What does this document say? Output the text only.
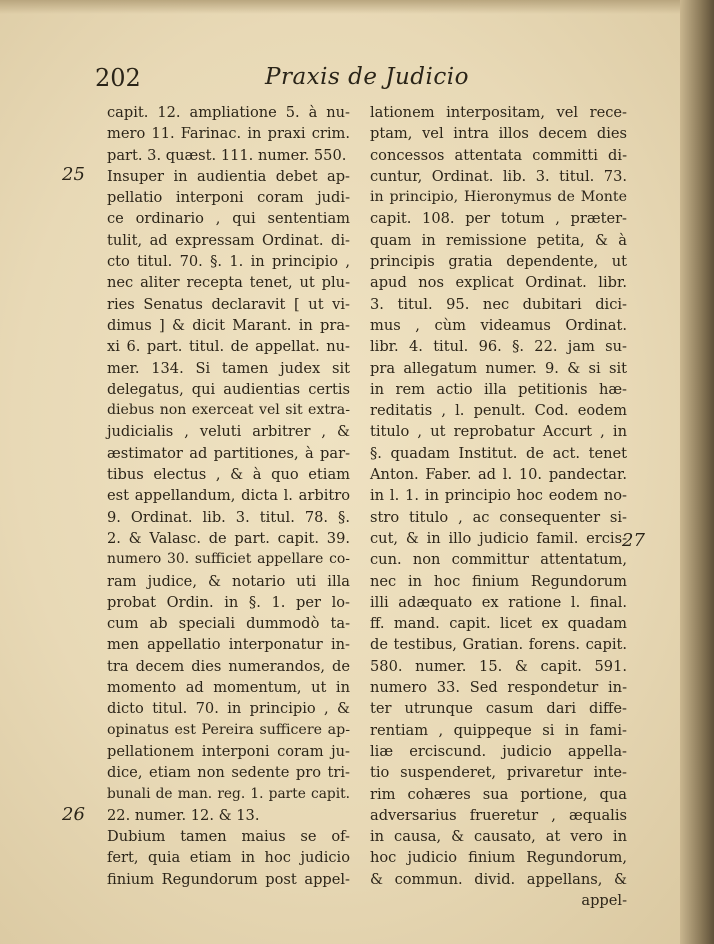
202	Praxis de Judicio
25
26
27
capit. 12. ampliatione 5. à nu-
mero 11. Farinac. in praxi crim.
part. 3. quæst. 111. numer. 550.
Insuper in audientia debet ap-
pellatio interponi coram judi-
ce ordinario , qui sententiam
tulit, ad expressam Ordinat. di-
cto titul. 70. §. 1. in principio ,
nec aliter recepta tenet, ut plu-
ries Senatus declaravit [ ut vi-
dimus ] & dicit Marant. in pra-
xi 6. part. titul. de appellat. nu-
mer. 134. Si tamen judex sit
delegatus, qui audientias certis
diebus non exerceat vel sit extra-
judicialis , veluti arbitrer , &
æstimator ad partitiones, à par-
tibus electus , & à quo etiam
est appellandum, dicta l. arbitro
9. Ordinat. lib. 3. titul. 78. §.
2. & Valasc. de part. capit. 39.
numero 30. sufficiet appellare co-
ram judice, & notario uti illa
probat Ordin. in §. 1. per lo-
cum ab speciali dummodò ta-
men appellatio interponatur in-
tra decem dies numerandos, de
momento ad momentum, ut in
dicto titul. 70. in principio , &
opinatus est Pereira sufficere ap-
pellationem interponi coram ju-
dice, etiam non sedente pro tri-
bunali de man. reg. 1. parte capit.
22. numer. 12. & 13.
Dubium tamen maius se of-
fert, quia etiam in hoc judicio
finium Regundorum post appel-
lationem interpositam, vel rece-
ptam, vel intra illos decem dies
concessos attentata committi di-
cuntur, Ordinat. lib. 3. titul. 73.
in principio, Hieronymus de Monte
capit. 108. per totum , præter-
quam in remissione petita, & à
principis gratia dependente, ut
apud nos explicat Ordinat. libr.
3. titul. 95. nec dubitari dici-
mus , cùm videamus Ordinat.
libr. 4. titul. 96. §. 22. jam su-
pra allegatum numer. 9. & si sit
in rem actio illa petitionis hæ-
reditatis , l. penult. Cod. eodem
titulo , ut reprobatur Accurt , in
§. quadam Institut. de act. tenet
Anton. Faber. ad l. 10. pandectar.
in l. 1. in principio hoc eodem no-
stro titulo , ac consequenter si-
cut, & in illo judicio famil. ercis-
cun. non committur attentatum,
nec in hoc finium Regundorum
illi adæquato ex ratione l. final.
ff. mand. capit. licet ex quadam
de testibus, Gratian. forens. capit.
580. numer. 15. & capit. 591.
numero 33. Sed respondetur in-
ter utrunque casum dari diffe-
rentiam , quippeque si in fami-
liæ erciscund. judicio appella-
tio suspenderet, privaretur inte-
rim cohæres sua portione, qua
adversarius frueretur , æqualis
in causa, & causato, at vero in
hoc judicio finium Regundorum,
& commun. divid. appellans, &
appel-
